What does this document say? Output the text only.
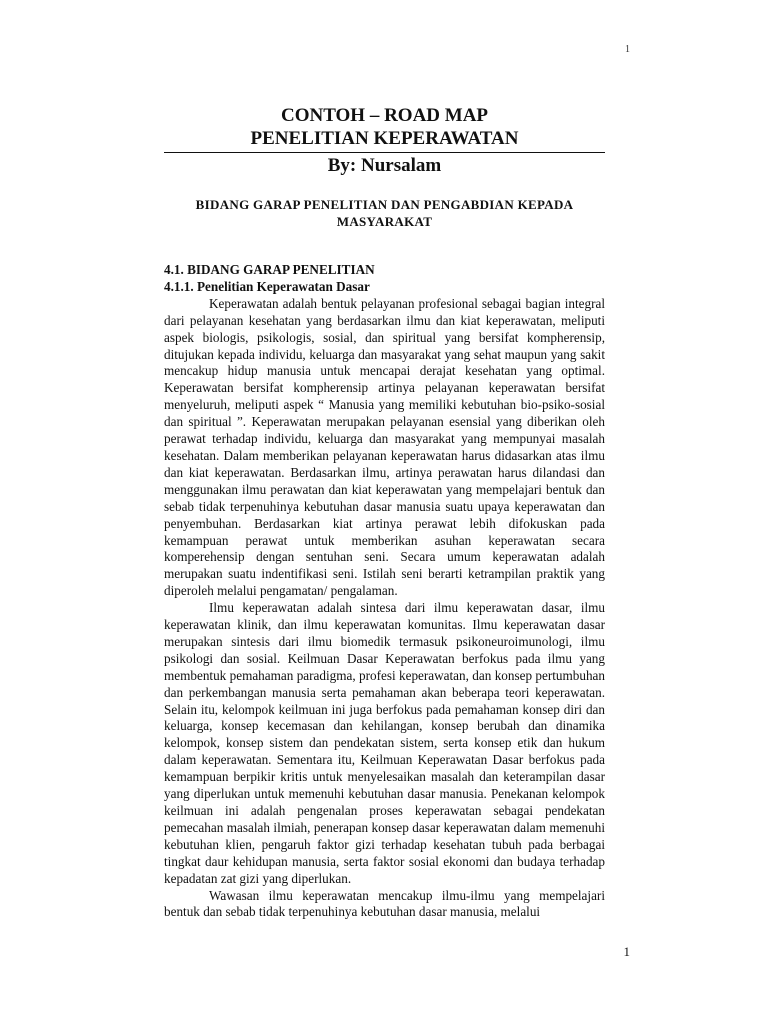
1

CONTOH – ROAD MAP

PENELITIAN KEPERAWATAN

By: Nursalam

BIDANG GARAP PENELITIAN DAN PENGABDIAN KEPADA MASYARAKAT

4.1. BIDANG GARAP PENELITIAN

4.1.1. Penelitian Keperawatan Dasar

Keperawatan adalah bentuk pelayanan profesional sebagai bagian integral dari pelayanan kesehatan yang berdasarkan ilmu dan kiat keperawatan, meliputi aspek biologis, psikologis, sosial, dan spiritual yang bersifat kompherensip, ditujukan kepada individu, keluarga dan masyarakat yang sehat maupun yang sakit mencakup hidup manusia untuk mencapai derajat kesehatan yang optimal. Keperawatan bersifat kompherensip artinya pelayanan keperawatan bersifat menyeluruh, meliputi aspek “ Manusia yang memiliki kebutuhan bio-psiko-sosial dan spiritual ”. Keperawatan merupakan pelayanan esensial yang diberikan oleh perawat terhadap individu, keluarga dan masyarakat yang mempunyai masalah kesehatan. Dalam memberikan pelayanan keperawatan harus didasarkan atas ilmu dan kiat keperawatan. Berdasarkan ilmu, artinya perawatan harus dilandasi dan menggunakan ilmu perawatan dan kiat keperawatan yang mempelajari bentuk dan sebab tidak terpenuhinya kebutuhan dasar manusia suatu upaya keperawatan dan penyembuhan. Berdasarkan kiat artinya perawat lebih difokuskan pada kemampuan perawat untuk memberikan asuhan keperawatan secara komperehensip dengan sentuhan seni. Secara umum keperawatan adalah merupakan suatu indentifikasi seni. Istilah seni berarti ketrampilan praktik yang diperoleh melalui pengamatan/ pengalaman.

Ilmu keperawatan adalah sintesa dari ilmu keperawatan dasar, ilmu keperawatan klinik, dan ilmu keperawatan komunitas. Ilmu keperawatan dasar merupakan sintesis dari ilmu biomedik termasuk psikoneuroimunologi, ilmu psikologi dan sosial. Keilmuan Dasar Keperawatan berfokus pada ilmu yang membentuk pemahaman paradigma, profesi keperawatan, dan konsep pertumbuhan dan perkembangan manusia serta pemahaman akan beberapa teori keperawatan. Selain itu, kelompok keilmuan ini juga berfokus pada pemahaman konsep diri dan keluarga, konsep kecemasan dan kehilangan, konsep berubah dan dinamika kelompok, konsep sistem dan pendekatan sistem, serta konsep etik dan hukum dalam keperawatan. Sementara itu, Keilmuan Keperawatan Dasar berfokus pada kemampuan berpikir kritis untuk menyelesaikan masalah dan keterampilan dasar yang diperlukan untuk memenuhi kebutuhan dasar manusia. Penekanan kelompok keilmuan ini adalah pengenalan proses keperawatan sebagai pendekatan pemecahan masalah ilmiah, penerapan konsep dasar keperawatan dalam memenuhi kebutuhan klien, pengaruh faktor gizi terhadap kesehatan tubuh pada berbagai tingkat daur kehidupan manusia, serta faktor sosial ekonomi dan budaya terhadap kepadatan zat gizi yang diperlukan.

Wawasan ilmu keperawatan mencakup ilmu-ilmu yang mempelajari bentuk dan sebab tidak terpenuhinya kebutuhan dasar manusia, melalui

1
